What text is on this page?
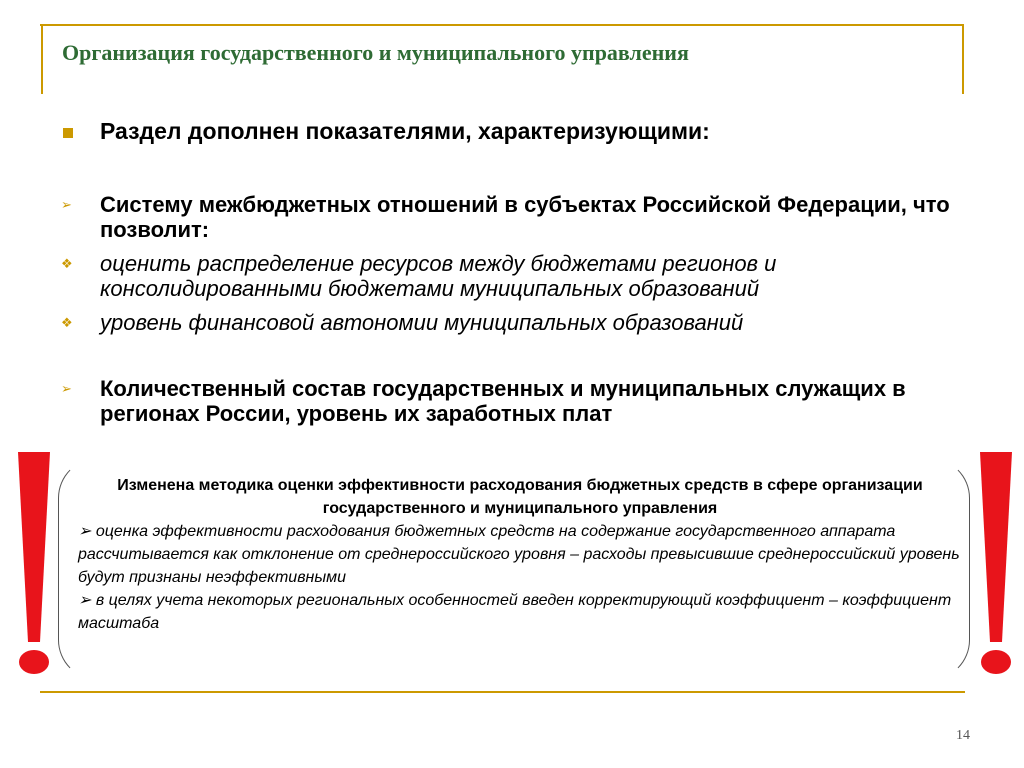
Организация государственного и муниципального управления
Раздел дополнен показателями, характеризующими:
➢ Систему межбюджетных отношений в субъектах Российской Федерации, что позволит:
❖ оценить распределение ресурсов между бюджетами регионов и консолидированными бюджетами муниципальных образований
❖ уровень финансовой автономии муниципальных образований
➢ Количественный состав государственных и муниципальных служащих в регионах России, уровень их заработных плат
Изменена методика оценки эффективности расходования бюджетных средств в сфере организации государственного и муниципального управления
➢ оценка эффективности расходования бюджетных средств на содержание государственного аппарата рассчитывается как отклонение от среднероссийского уровня – расходы превысившие среднероссийский уровень будут признаны неэффективными
➢ в целях учета некоторых региональных особенностей введен корректирующий коэффициент – коэффициент масштаба
14
